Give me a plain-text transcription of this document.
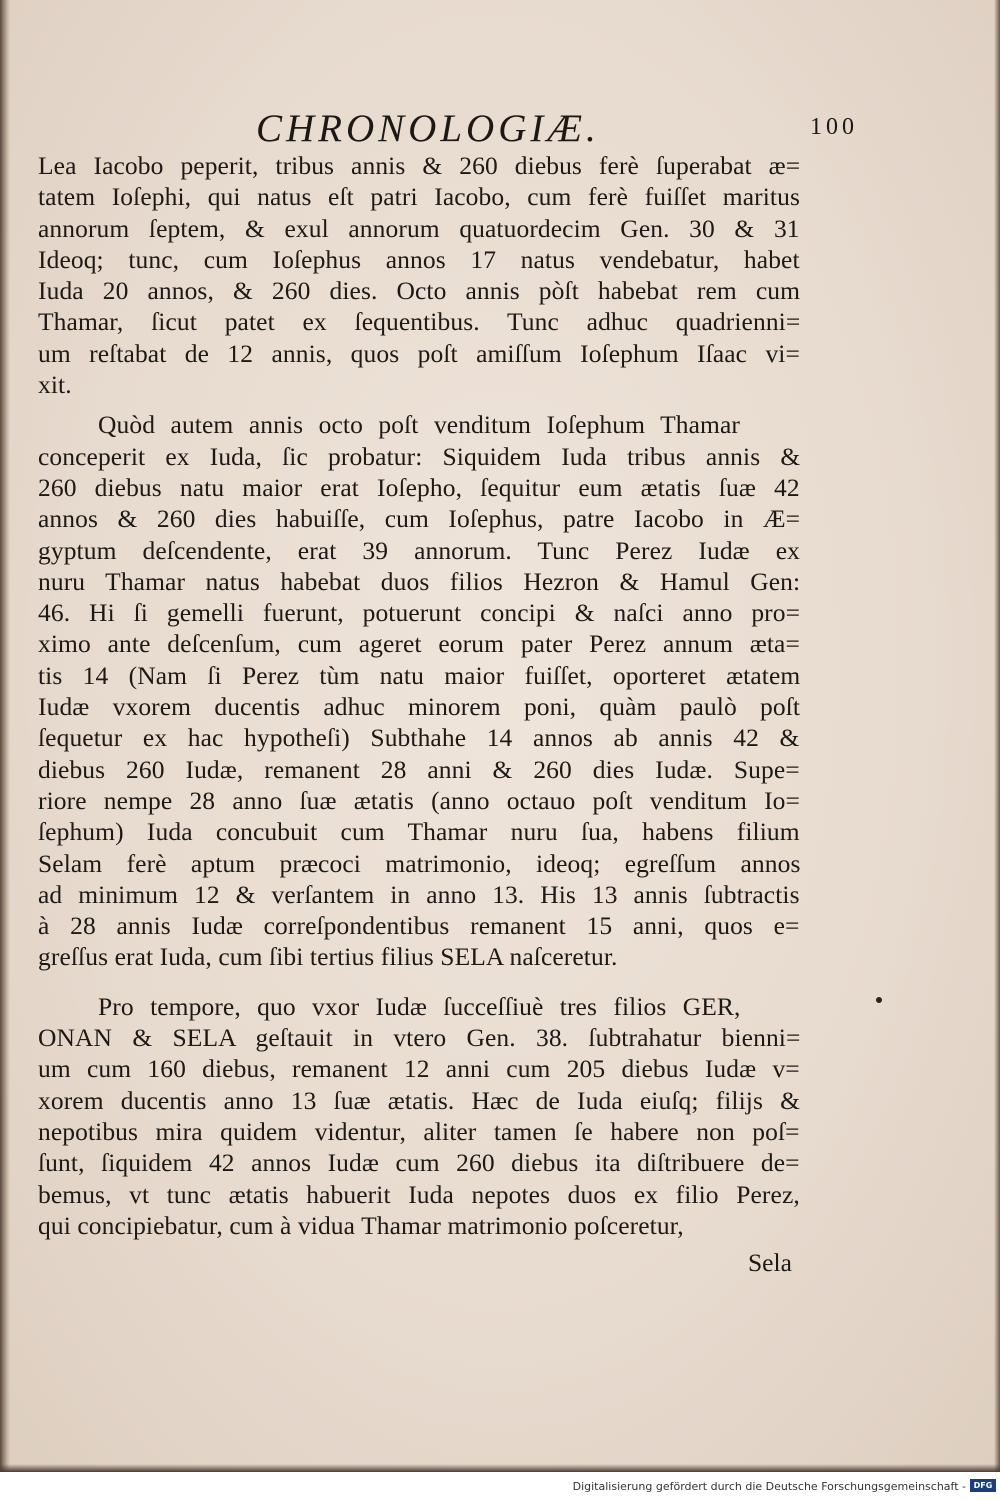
CHRONOLOGIÆ.	100
Lea Iacobo peperit, tribus annis & 260 diebus ferè ſuperabat æ=
tatem Ioſephi, qui natus eſt patri Iacobo, cum ferè fuiſſet maritus
annorum ſeptem, & exul annorum quatuordecim Gen. 30 & 31
Ideoq; tunc, cum Ioſephus annos 17 natus vendebatur, habet
Iuda 20 annos, & 260 dies. Octo annis pòſt habebat rem cum
Thamar, ſicut patet ex ſequentibus. Tunc adhuc quadrienni=
um reſtabat de 12 annis, quos poſt amiſſum Ioſephum Iſaac vi=
xit.
Quòd autem annis octo poſt venditum Ioſephum Thamar
conceperit ex Iuda, ſic probatur: Siquidem Iuda tribus annis &
260 diebus natu maior erat Ioſepho, ſequitur eum ætatis ſuæ 42
annos & 260 dies habuiſſe, cum Ioſephus, patre Iacobo in Æ=
gyptum deſcendente, erat 39 annorum. Tunc Perez Iudæ ex
nuru Thamar natus habebat duos filios Hezron & Hamul Gen:
46. Hi ſi gemelli fuerunt, potuerunt concipi & naſci anno pro=
ximo ante deſcenſum, cum ageret eorum pater Perez annum æta=
tis 14 (Nam ſi Perez tùm natu maior fuiſſet, oporteret ætatem
Iudæ vxorem ducentis adhuc minorem poni, quàm paulò poſt
ſequetur ex hac hypotheſi) Subthahe 14 annos ab annis 42 &
diebus 260 Iudæ, remanent 28 anni & 260 dies Iudæ. Supe=
riore nempe 28 anno ſuæ ætatis (anno octauo poſt venditum Io=
ſephum) Iuda concubuit cum Thamar nuru ſua, habens filium
Selam ferè aptum præcoci matrimonio, ideoq; egreſſum annos
ad minimum 12 & verſantem in anno 13. His 13 annis ſubtractis
à 28 annis Iudæ correſpondentibus remanent 15 anni, quos e=
greſſus erat Iuda, cum ſibi tertius filius SELA naſceretur.
Pro tempore, quo vxor Iudæ ſucceſſiuè tres filios GER,
ONAN & SELA geſtauit in vtero Gen. 38. ſubtrahatur bienni=
um cum 160 diebus, remanent 12 anni cum 205 diebus Iudæ v=
xorem ducentis anno 13 ſuæ ætatis. Hæc de Iuda eiuſq; filijs &
nepotibus mira quidem videntur, aliter tamen ſe habere non poſ=
ſunt, ſiquidem 42 annos Iudæ cum 260 diebus ita diſtribuere de=
bemus, vt tunc ætatis habuerit Iuda nepotes duos ex filio Perez,
qui concipiebatur, cum à vidua Thamar matrimonio poſceretur,
Sela
Digitalisierung gefördert durch die Deutsche Forschungsgemeinschaft - DFG
